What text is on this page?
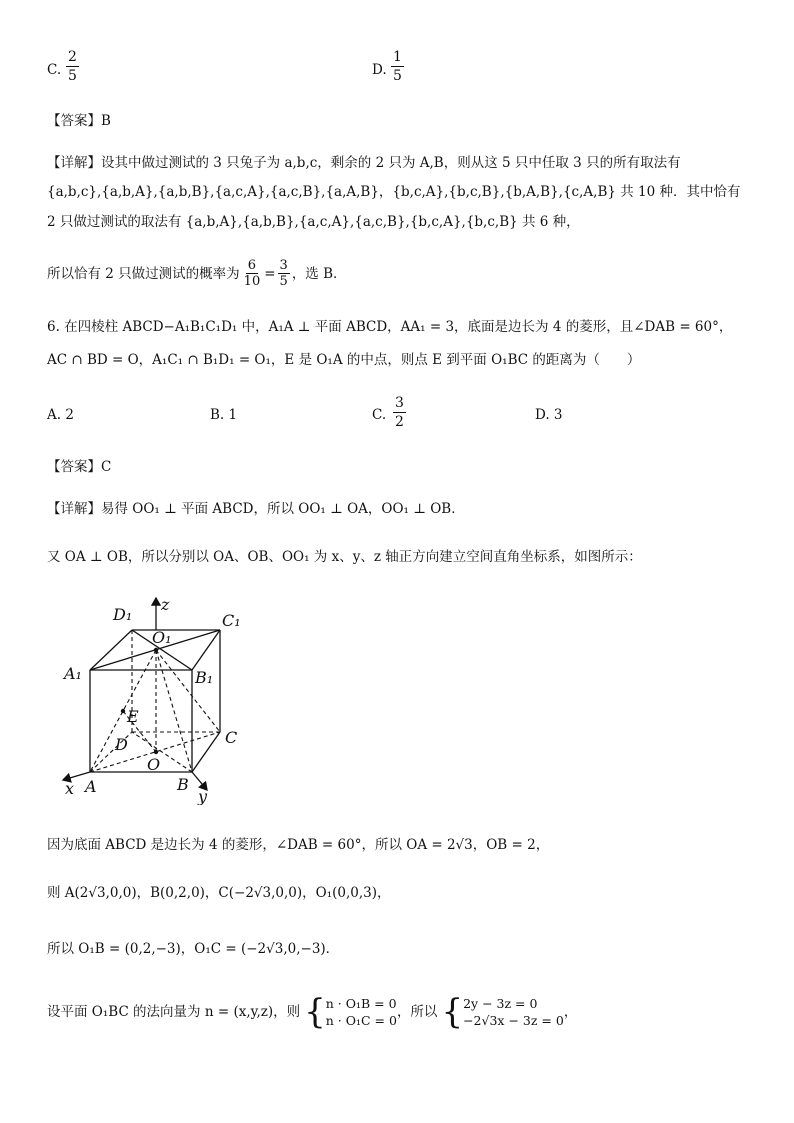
C. $\frac{2}{5}$	D. $\frac{1}{5}$
【答案】B
【详解】设其中做过测试的 3 只兔子为 a,b,c，剩余的 2 只为 A,B，则从这 5 只中任取 3 只的所有取法有
{a,b,c},{a,b,A},{a,b,B},{a,c,A},{a,c,B},{a,A,B}，{b,c,A},{b,c,B},{b,A,B},{c,A,B} 共 10 种．其中恰有
2 只做过测试的取法有 {a,b,A},{a,b,B},{a,c,A},{a,c,B},{b,c,A},{b,c,B} 共 6 种，
所以恰有 2 只做过测试的概率为 $\frac{6}{10} = \frac{3}{5}$ ，选 B．
6. 在四棱柱 ABCD−A₁B₁C₁D₁ 中，A₁A ⊥ 平面 ABCD，AA₁ = 3，底面是边长为 4 的菱形，且∠DAB = 60°，
AC ∩ BD = O，A₁C₁ ∩ B₁D₁ = O₁，E 是 O₁A 的中点，则点 E 到平面 O₁BC 的距离为（　　）
A. 2	B. 1	C. $\frac{3}{2}$	D. 3
【答案】C
【详解】易得 OO₁ ⊥ 平面 ABCD，所以 OO₁ ⊥ OA，OO₁ ⊥ OB．
又 OA ⊥ OB，所以分别以 OA、OB、OO₁ 为 x、y、z 轴正方向建立空间直角坐标系，如图所示：
D₁
z
O₁
C₁
A₁	B₁
E
D	C
O
x A	B
y
因为底面 ABCD 是边长为 4 的菱形，∠DAB = 60°，所以 OA = 2√3，OB = 2，
则 A(2√3,0,0)，B(0,2,0)，C(−2√3,0,0)，O₁(0,0,3)，
所以 O₁B = (0,2,−3)，O₁C = (−2√3,0,−3)．
设平面 O₁BC 的法向量为 n = (x,y,z)，则 { n · O₁B = 0
n · O₁C = 0
，所以 { 2y − 3z = 0
−2√3x − 3z = 0
，
